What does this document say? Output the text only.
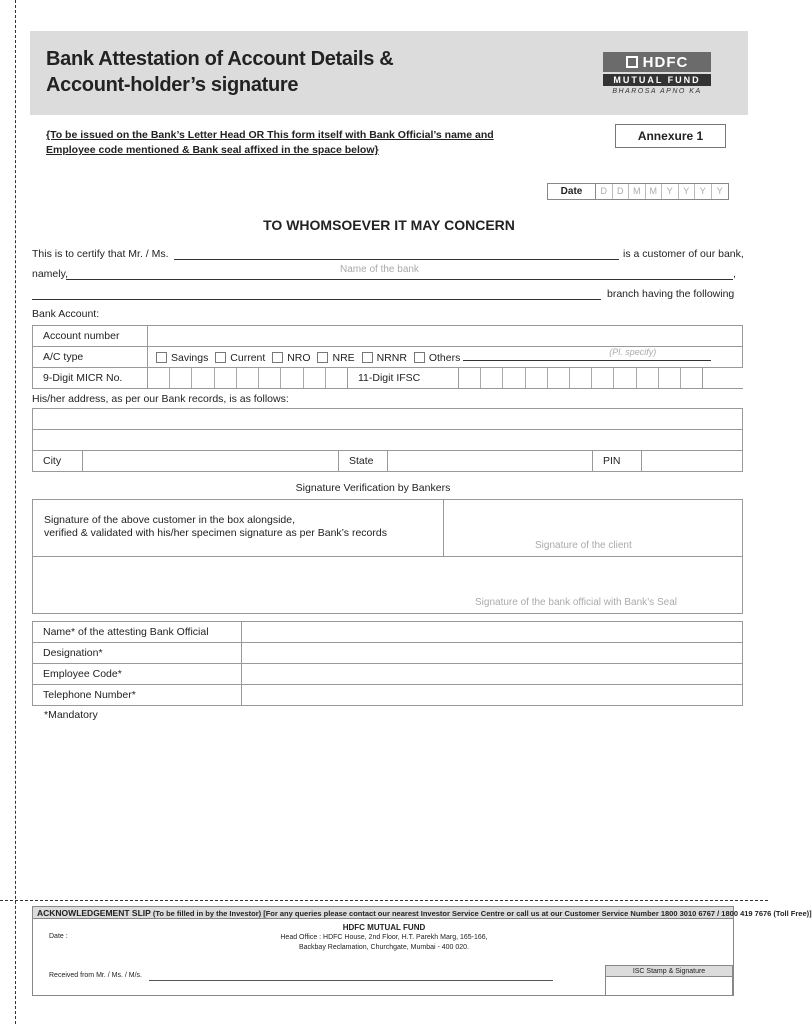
Bank Attestation of Account Details &
Account-holder’s signature
HDFC
MUTUAL FUND
BHAROSA APNO KA
{To be issued on the Bank’s Letter Head OR This form itself with Bank Official’s name and
Employee code mentioned & Bank seal affixed in the space below}
Annexure 1
Date	D	D	M	M	Y	Y	Y	Y
TO WHOMSOEVER IT MAY CONCERN
This is to certify that Mr. / Ms.	is a customer of our bank,
namely,	,
Name of the bank
branch having the following
Bank Account:
Account number			
A/C type	Savings Current NRO NRE NRNR Others (Pl. specify)		

9-Digit MICR No.		11-Digit IFSC	
His/her address, as per our Bank records, is as follows:

City		State		PIN	
Signature Verification by Bankers
Signature of the above customer in the box alongside,
verified & validated with his/her specimen signature as per Bank’s records
Signature of the client
Signature of the bank official with Bank’s Seal
Name* of the attesting Bank Official	
Designation*	
Employee Code*	
Telephone Number*	
*Mandatory
ACKNOWLEDGEMENT SLIP (To be filled in by the Investor) [For any queries please contact our nearest Investor Service Centre or call us at our Customer Service Number 1800 3010 6767 / 1800 419 7676 (Toll Free)]
Date :
HDFC MUTUAL FUND
Head Office : HDFC House, 2nd Floor, H.T. Parekh Marg, 165-166,
Backbay Reclamation, Churchgate, Mumbai - 400 020.
Received from Mr. / Ms. / M/s.
ISC Stamp & Signature
